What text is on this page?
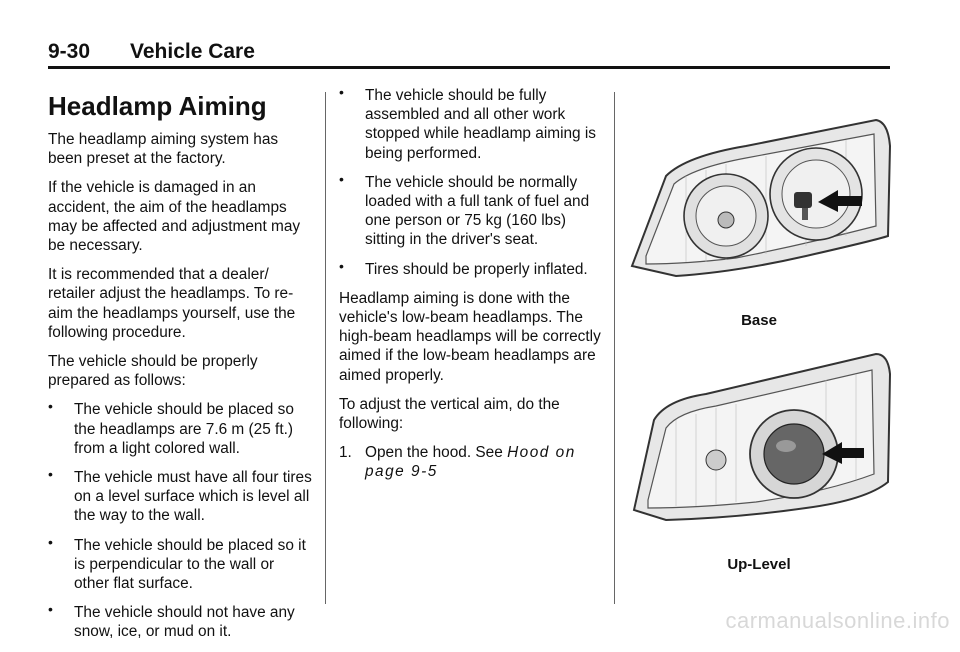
9-30 Vehicle Care
Headlamp Aiming

The headlamp aiming system has been preset at the factory.

If the vehicle is damaged in an accident, the aim of the headlamps may be affected and adjustment may be necessary.

It is recommended that a dealer/ retailer adjust the headlamps. To re-aim the headlamps yourself, use the following procedure.

The vehicle should be properly prepared as follows:

• The vehicle should be placed so the headlamps are 7.6 m (25 ft.) from a light colored wall.
• The vehicle must have all four tires on a level surface which is level all the way to the wall.
• The vehicle should be placed so it is perpendicular to the wall or other flat surface.
• The vehicle should not have any snow, ice, or mud on it.
• The vehicle should be fully assembled and all other work stopped while headlamp aiming is being performed.
• The vehicle should be normally loaded with a full tank of fuel and one person or 75 kg (160 lbs) sitting in the driver's seat.
• Tires should be properly inflated.

Headlamp aiming is done with the vehicle's low-beam headlamps. The high-beam headlamps will be correctly aimed if the low-beam headlamps are aimed properly.

To adjust the vertical aim, do the following:

1. Open the hood. See Hood on page 9-5
Base
Up-Level
carmanualsonline.info
